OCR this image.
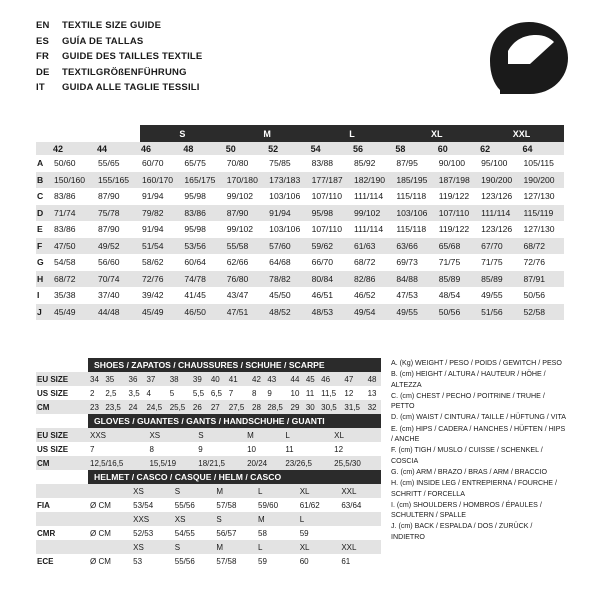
EN	TEXTILE SIZE GUIDE
ES	GUÍA DE TALLAS
FR	GUIDE DES TAILLES TEXTILE
DE	TEXTILGRÖßENFÜHRUNG
IT	GUIDA ALLE TAGLIE TESSILI
			S		M		L		XL		XXL	
	42	44	46	48	50	52	54	56	58	60	62	64
A	50/60	55/65	60/70	65/75	70/80	75/85	83/88	85/92	87/95	90/100	95/100	105/115
B	150/160	155/165	160/170	165/175	170/180	173/183	177/187	182/190	185/195	187/198	190/200	190/200
C	83/86	87/90	91/94	95/98	99/102	103/106	107/110	111/114	115/118	119/122	123/126	127/130
D	71/74	75/78	79/82	83/86	87/90	91/94	95/98	99/102	103/106	107/110	111/114	115/119
E	83/86	87/90	91/94	95/98	99/102	103/106	107/110	111/114	115/118	119/122	123/126	127/130
F	47/50	49/52	51/54	53/56	55/58	57/60	59/62	61/63	63/66	65/68	67/70	68/72
G	54/58	56/60	58/62	60/64	62/66	64/68	66/70	68/72	69/73	71/75	71/75	72/76
H	68/72	70/74	72/76	74/78	76/80	78/82	80/84	82/86	84/88	85/89	85/89	87/91
I	35/38	37/40	39/42	41/45	43/47	45/50	46/51	46/52	47/53	48/54	49/55	50/56
J	45/49	44/48	45/49	46/50	47/51	48/52	48/53	49/54	49/55	50/56	51/56	52/58
SHOES / ZAPATOS / CHAUSSURES / SCHUHE / SCARPE
EU SIZE	34	35	36	37	38	39	40	41	42	43	44	45	46	47	48
US SIZE	2	2,5	3,5	4	5	5,5	6,5	7	8	9	10	11	11,5	12	13
CM	23	23,5	24	24,5	25,5	26	27	27,5	28	28,5	29	30	30,5	31,5	32
GLOVES / GUANTES / GANTS / HANDSCHUHE / GUANTI
EU SIZE	XXS	XS	S	M	L	XL
US SIZE	7	8	9	10	11	12
CM	12,5/16,5	15,5/19	18/21,5	20/24	23/26,5	25,5/30
HELMET / CASCO / CASQUE / HELM / CASCO
		XS	S	M	L	XL	XXL
FIA	Ø CM	53/54	55/56	57/58	59/60	61/62	63/64
		XXS	XS	S	M	L	
CMR	Ø CM	52/53	54/55	56/57	58	59	
		XS	S	M	L	XL	XXL
ECE	Ø CM	53	55/56	57/58	59	60	61

A. (Kg) WEIGHT / PESO / POIDS / GEWITCH / PESO

B. (cm) HEIGHT / ALTURA / HAUTEUR / HÖHE / ALTEZZA

C. (cm) CHEST / PECHO / POITRINE / TRUHE / PETTO

D. (cm) WAIST / CINTURA / TAILLE / HÜFTUNG / VITA

E. (cm) HIPS / CADERA / HANCHES / HÜFTEN / HIPS / ANCHE

F. (cm) TIGH / MUSLO / CUISSE / SCHENKEL / COSCIA

G. (cm) ARM / BRAZO / BRAS / ARM / BRACCIO

H. (cm) INSIDE LEG / ENTREPIERNA / FOURCHE / SCHRITT / FORCELLA

I. (cm) SHOULDERS / HOMBROS / ÉPAULES / SCHULTERN / SPALLE

J. (cm) BACK / ESPALDA / DOS / ZURÜCK / INDIETRO
